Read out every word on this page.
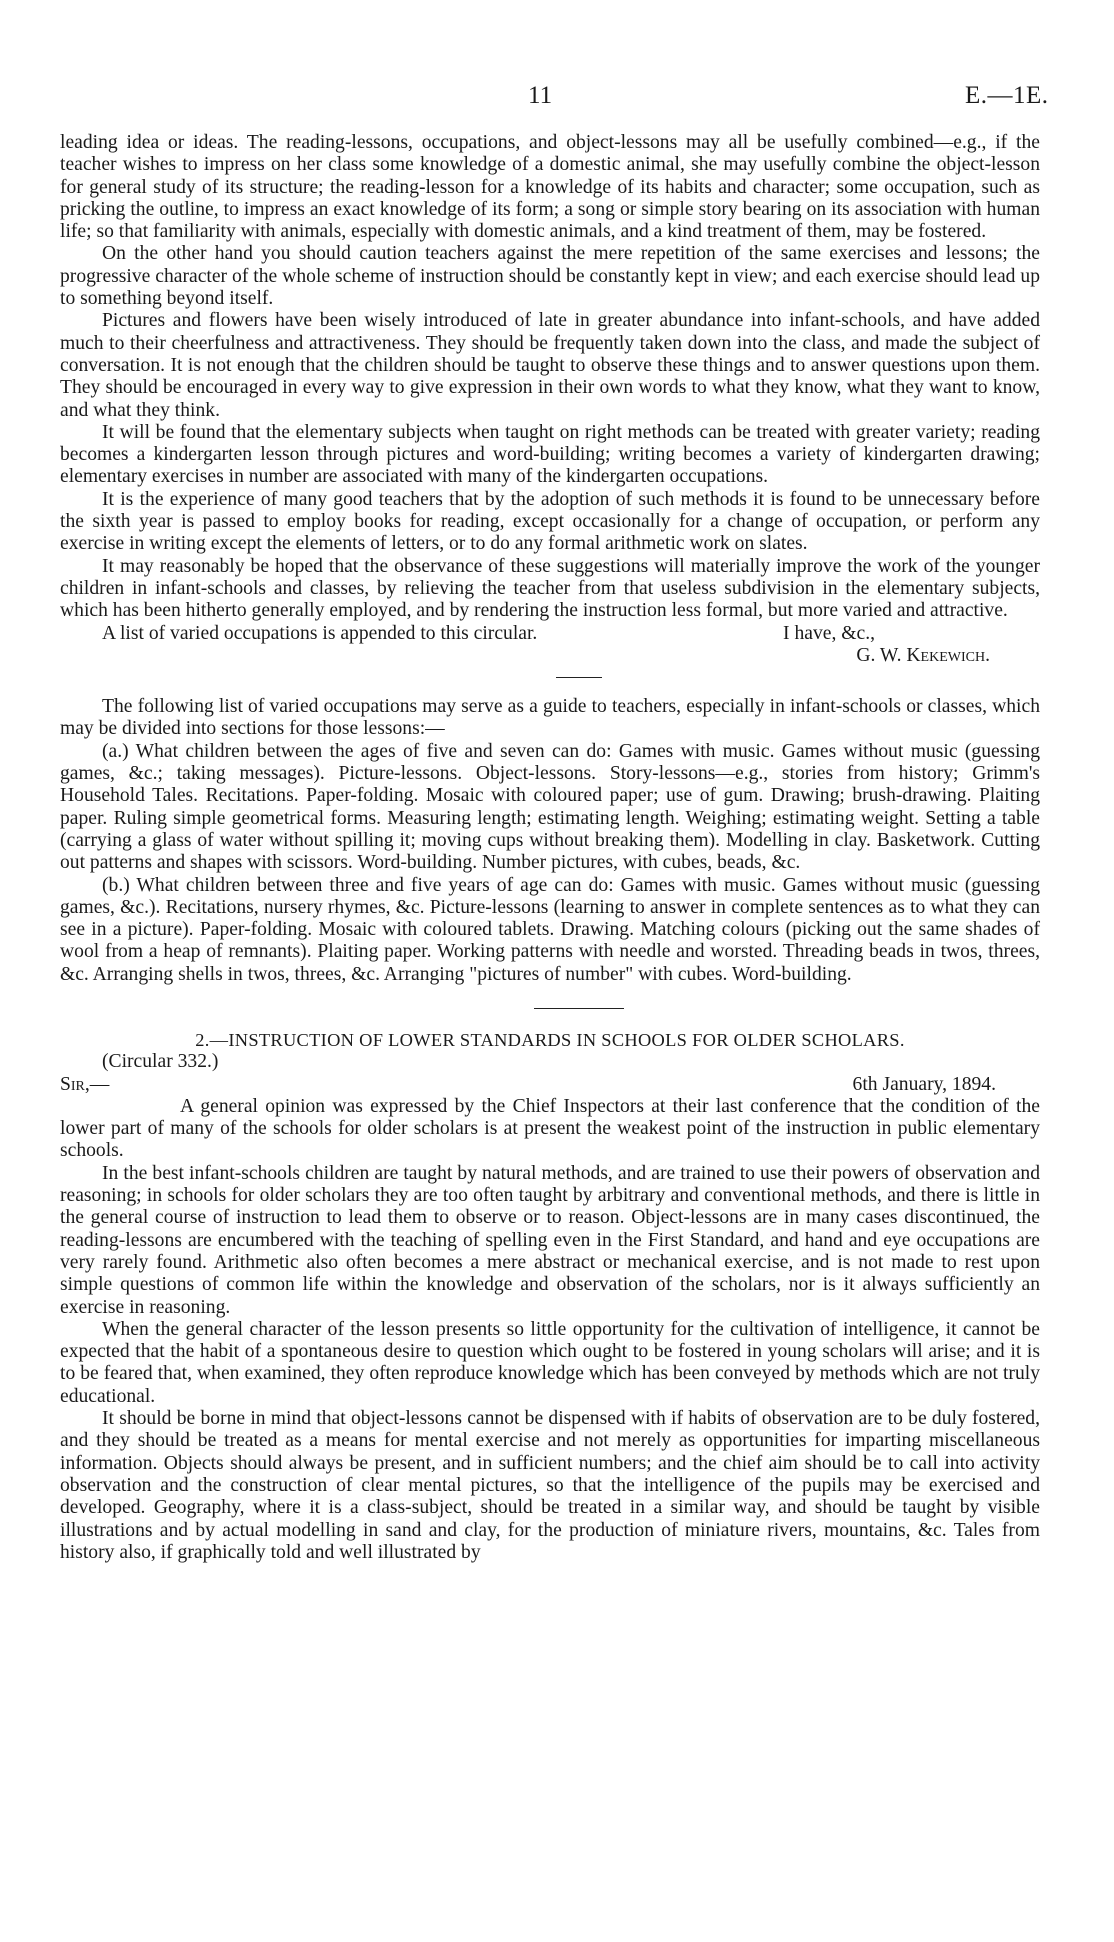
11	E.—1E.

leading idea or ideas. The reading-lessons, occupations, and object-lessons may all be usefully combined—e.g., if the teacher wishes to impress on her class some knowledge of a domestic animal, she may usefully combine the object-lesson for general study of its structure; the reading-lesson for a knowledge of its habits and character; some occupation, such as pricking the outline, to impress an exact knowledge of its form; a song or simple story bearing on its association with human life; so that familiarity with animals, especially with domestic animals, and a kind treatment of them, may be fostered.

On the other hand you should caution teachers against the mere repetition of the same exercises and lessons; the progressive character of the whole scheme of instruction should be constantly kept in view; and each exercise should lead up to something beyond itself.

Pictures and flowers have been wisely introduced of late in greater abundance into infant-schools, and have added much to their cheerfulness and attractiveness. They should be frequently taken down into the class, and made the subject of conversation. It is not enough that the children should be taught to observe these things and to answer questions upon them. They should be encouraged in every way to give expression in their own words to what they know, what they want to know, and what they think.

It will be found that the elementary subjects when taught on right methods can be treated with greater variety; reading becomes a kindergarten lesson through pictures and word-building; writing becomes a variety of kindergarten drawing; elementary exercises in number are associated with many of the kindergarten occupations.

It is the experience of many good teachers that by the adoption of such methods it is found to be unnecessary before the sixth year is passed to employ books for reading, except occasionally for a change of occupation, or perform any exercise in writing except the elements of letters, or to do any formal arithmetic work on slates.

It may reasonably be hoped that the observance of these suggestions will materially improve the work of the younger children in infant-schools and classes, by relieving the teacher from that useless subdivision in the elementary subjects, which has been hitherto generally employed, and by rendering the instruction less formal, but more varied and attractive.

A list of varied occupations is appended to this circular.	I have, &c.,
G. W. Kekewich.

The following list of varied occupations may serve as a guide to teachers, especially in infant-schools or classes, which may be divided into sections for those lessons:—

(a.) What children between the ages of five and seven can do: Games with music. Games without music (guessing games, &c.; taking messages). Picture-lessons. Object-lessons. Story-lessons—e.g., stories from history; Grimm's Household Tales. Recitations. Paper-folding. Mosaic with coloured paper; use of gum. Drawing; brush-drawing. Plaiting paper. Ruling simple geometrical forms. Measuring length; estimating length. Weighing; estimating weight. Setting a table (carrying a glass of water without spilling it; moving cups without breaking them). Modelling in clay. Basketwork. Cutting out patterns and shapes with scissors. Word-building. Number pictures, with cubes, beads, &c.

(b.) What children between three and five years of age can do: Games with music. Games without music (guessing games, &c.). Recitations, nursery rhymes, &c. Picture-lessons (learning to answer in complete sentences as to what they can see in a picture). Paper-folding. Mosaic with coloured tablets. Drawing. Matching colours (picking out the same shades of wool from a heap of remnants). Plaiting paper. Working patterns with needle and worsted. Threading beads in twos, threes, &c. Arranging shells in twos, threes, &c. Arranging "pictures of number" with cubes. Word-building.

2.—INSTRUCTION OF LOWER STANDARDS IN SCHOOLS FOR OLDER SCHOLARS.
(Circular 332.)
Sir,—	6th January, 1894.

A general opinion was expressed by the Chief Inspectors at their last conference that the condition of the lower part of many of the schools for older scholars is at present the weakest point of the instruction in public elementary schools.

In the best infant-schools children are taught by natural methods, and are trained to use their powers of observation and reasoning; in schools for older scholars they are too often taught by arbitrary and conventional methods, and there is little in the general course of instruction to lead them to observe or to reason. Object-lessons are in many cases discontinued, the reading-lessons are encumbered with the teaching of spelling even in the First Standard, and hand and eye occupations are very rarely found. Arithmetic also often becomes a mere abstract or mechanical exercise, and is not made to rest upon simple questions of common life within the knowledge and observation of the scholars, nor is it always sufficiently an exercise in reasoning.

When the general character of the lesson presents so little opportunity for the cultivation of intelligence, it cannot be expected that the habit of a spontaneous desire to question which ought to be fostered in young scholars will arise; and it is to be feared that, when examined, they often reproduce knowledge which has been conveyed by methods which are not truly educational.

It should be borne in mind that object-lessons cannot be dispensed with if habits of observation are to be duly fostered, and they should be treated as a means for mental exercise and not merely as opportunities for imparting miscellaneous information. Objects should always be present, and in sufficient numbers; and the chief aim should be to call into activity observation and the construction of clear mental pictures, so that the intelligence of the pupils may be exercised and developed. Geography, where it is a class-subject, should be treated in a similar way, and should be taught by visible illustrations and by actual modelling in sand and clay, for the production of miniature rivers, mountains, &c. Tales from history also, if graphically told and well illustrated by
